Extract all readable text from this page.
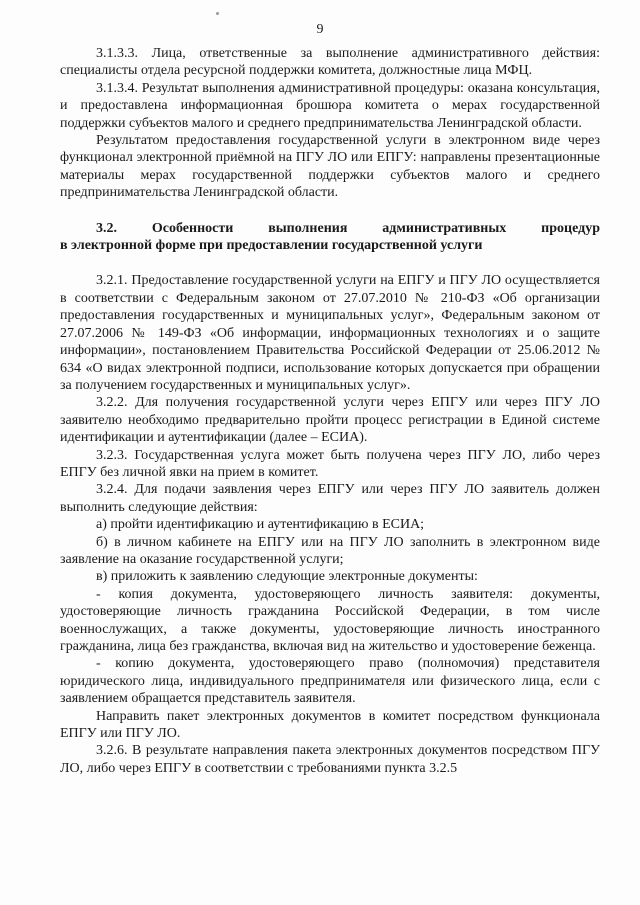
9

3.1.3.3. Лица, ответственные за выполнение административного действия: специалисты отдела ресурсной поддержки комитета, должностные лица МФЦ.

3.1.3.4. Результат выполнения административной процедуры: оказана консультация, и предоставлена информационная брошюра комитета о мерах государственной поддержки субъектов малого и среднего предпринимательства Ленинградской области.

Результатом предоставления государственной услуги в электронном виде через функционал электронной приёмной на ПГУ ЛО или ЕПГУ: направлены презентационные материалы мерах государственной поддержки субъектов малого и среднего предпринимательства Ленинградской области.

3.2. Особенности выполнения административных процедур

в электронной форме при предоставлении государственной услуги

3.2.1. Предоставление государственной услуги на ЕПГУ и ПГУ ЛО осуществляется в соответствии с Федеральным законом от 27.07.2010 № 210-ФЗ «Об организации предоставления государственных и муниципальных услуг», Федеральным законом от 27.07.2006 № 149-ФЗ «Об информации, информационных технологиях и о защите информации», постановлением Правительства Российской Федерации от 25.06.2012 № 634 «О видах электронной подписи, использование которых допускается при обращении за получением государственных и муниципальных услуг».

3.2.2. Для получения государственной услуги через ЕПГУ или через ПГУ ЛО заявителю необходимо предварительно пройти процесс регистрации в Единой системе идентификации и аутентификации (далее – ЕСИА).

3.2.3. Государственная услуга может быть получена через ПГУ ЛО, либо через ЕПГУ без личной явки на прием в комитет.

3.2.4. Для подачи заявления через ЕПГУ или через ПГУ ЛО заявитель должен выполнить следующие действия:

а) пройти идентификацию и аутентификацию в ЕСИА;

б) в личном кабинете на ЕПГУ или на ПГУ ЛО заполнить в электронном виде заявление на оказание государственной услуги;

в) приложить к заявлению следующие электронные документы:

- копия документа, удостоверяющего личность заявителя: документы, удостоверяющие личность гражданина Российской Федерации, в том числе военнослужащих, а также документы, удостоверяющие личность иностранного гражданина, лица без гражданства, включая вид на жительство и удостоверение беженца.

- копию документа, удостоверяющего право (полномочия) представителя юридического лица, индивидуального предпринимателя или физического лица, если с заявлением обращается представитель заявителя.

Направить пакет электронных документов в комитет посредством функционала ЕПГУ или ПГУ ЛО.

3.2.6. В результате направления пакета электронных документов посредством ПГУ ЛО, либо через ЕПГУ в соответствии с требованиями пункта 3.2.5
